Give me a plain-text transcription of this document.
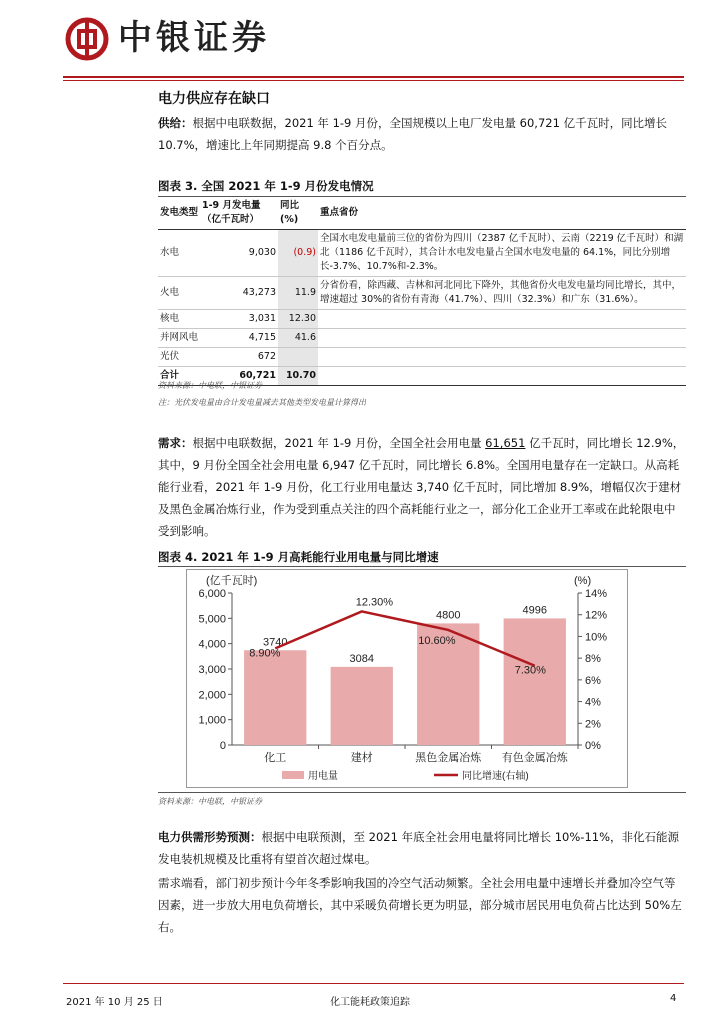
中银证券
电力供应存在缺口
供给：根据中电联数据，2021 年 1-9 月份，全国规模以上电厂发电量 60,721 亿千瓦时，同比增长 10.7%，增速比上年同期提高 9.8 个百分点。
图表 3. 全国 2021 年 1-9 月份发电情况
发电类型	1-9 月发电量（亿千瓦时）	同比 (%)	重点省份
水电	9,030	(0.9)	全国水电发电量前三位的省份为四川（2387 亿千瓦时）、云南（2219 亿千瓦时）和湖北（1186 亿千瓦时），其合计水电发电量占全国水电发电量的 64.1%，同比分别增长-3.7%、10.7%和-2.3%。
火电	43,273	11.9	分省份看，除西藏、吉林和河北同比下降外，其他省份火电发电量均同比增长，其中，增速超过 30%的省份有青海（41.7%）、四川（32.3%）和广东（31.6%）。
核电	3,031	12.30	
并网风电	4,715	41.6	
光伏	672		
合计	60,721	10.70	
资料来源：中电联，中银证券
注：光伏发电量由合计发电量减去其他类型发电量计算得出
需求：根据中电联数据，2021 年 1-9 月份，全国全社会用电量 61,651 亿千瓦时，同比增长 12.9%，其中，9 月份全国全社会用电量 6,947 亿千瓦时，同比增长 6.8%。全国用电量存在一定缺口。从高耗能行业看，2021 年 1-9 月份，化工行业用电量达 3,740 亿千瓦时，同比增加 8.9%，增幅仅次于建材及黑色金属冶炼行业，作为受到重点关注的四个高耗能行业之一，部分化工企业开工率或在此轮限电中受到影响。
图表 4. 2021 年 1-9 月高耗能行业用电量与同比增速
0
1,000
2,000
3,000
4,000
5,000
6,000
0%
2%
4%
6%
8%
10%
12%
14%
(亿千瓦时)	(%)
3740
3084
4800	4996
化工	建材	黑色金属冶炼 有色金属冶炼
8.90%
12.30%
10.60%
7.30%
用电量	同比增速(右轴)
资料来源：中电联，中银证券
电力供需形势预测：根据中电联预测，至 2021 年底全社会用电量将同比增长 10%-11%，非化石能源发电装机规模及比重将有望首次超过煤电。
需求端看，部门初步预计今年冬季影响我国的冷空气活动频繁。全社会用电量中速增长并叠加冷空气等因素，进一步放大用电负荷增长，其中采暖负荷增长更为明显，部分城市居民用电负荷占比达到 50%左右。
2021 年 10 月 25 日	化工能耗政策追踪	4
